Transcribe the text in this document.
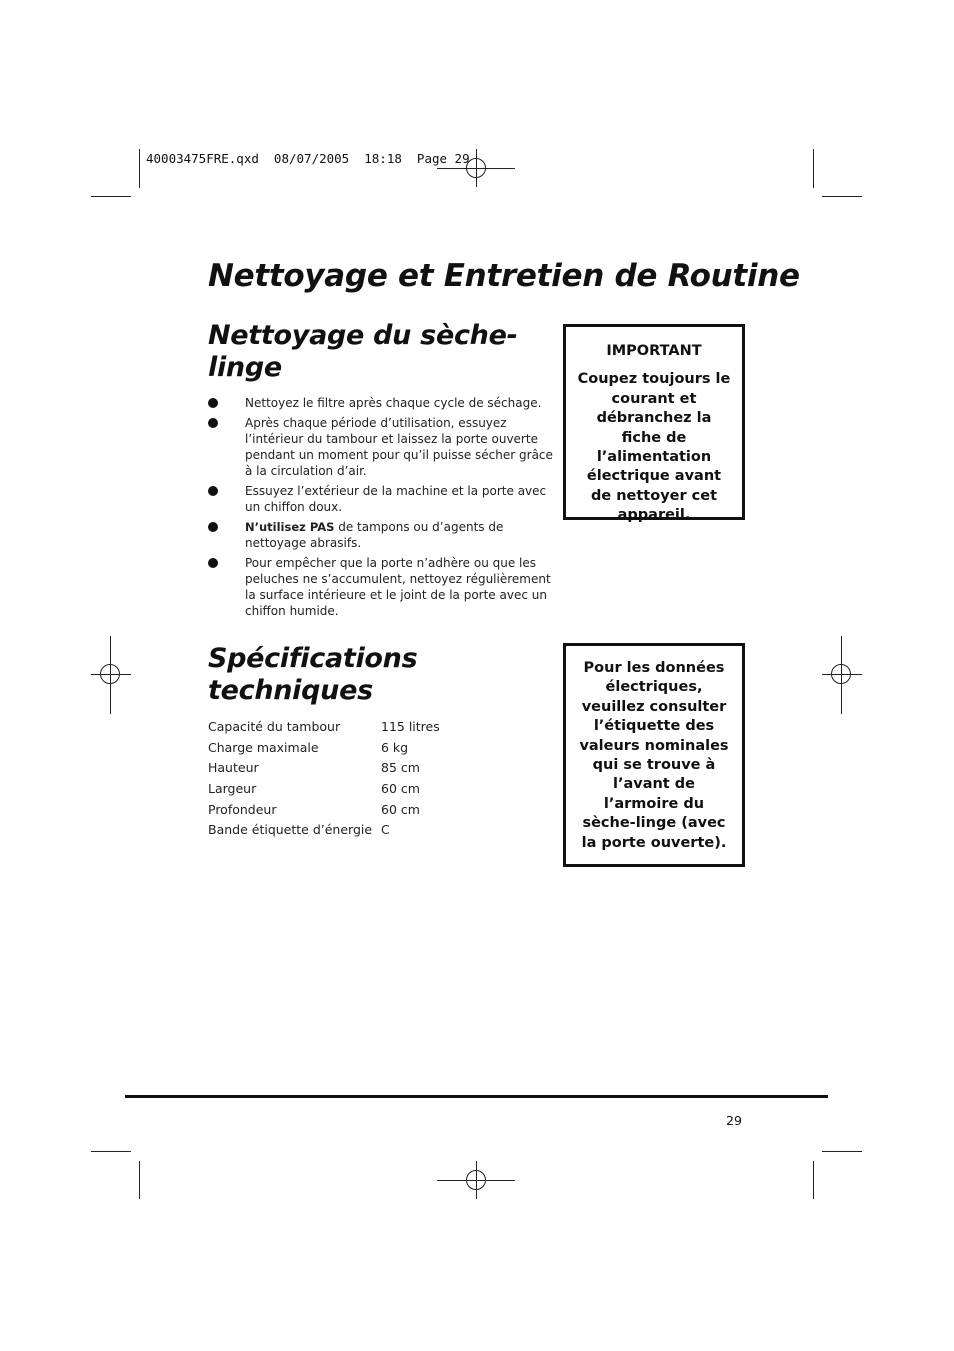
40003475FRE.qxd  08/07/2005  18:18  Page 29
Nettoyage et Entretien de Routine
Nettoyage du sèche-
linge
Nettoyez le filtre après chaque cycle de séchage.
Après chaque période d’utilisation, essuyez l’intérieur du tambour et laissez la porte ouverte pendant un moment pour qu’il puisse sécher grâce à la circulation d’air.
Essuyez l’extérieur de la machine et la porte avec un chiffon doux.
N’utilisez PAS de tampons ou d’agents de nettoyage abrasifs.
Pour empêcher que la porte n’adhère ou que les peluches ne s’accumulent, nettoyez régulièrement la surface intérieure et le joint de la porte avec un chiffon humide.
IMPORTANT
Coupez toujours le courant et débranchez la fiche de l’alimentation électrique avant de nettoyer cet appareil.
Spécifications
techniques
Capacité du tambour	115 litres
Charge maximale	6 kg
Hauteur	85 cm
Largeur	60 cm
Profondeur	60 cm
Bande étiquette d’énergie	C
Pour les données électriques, veuillez consulter l’étiquette des valeurs nominales qui se trouve à l’avant de l’armoire du sèche-linge (avec la porte ouverte).
29
